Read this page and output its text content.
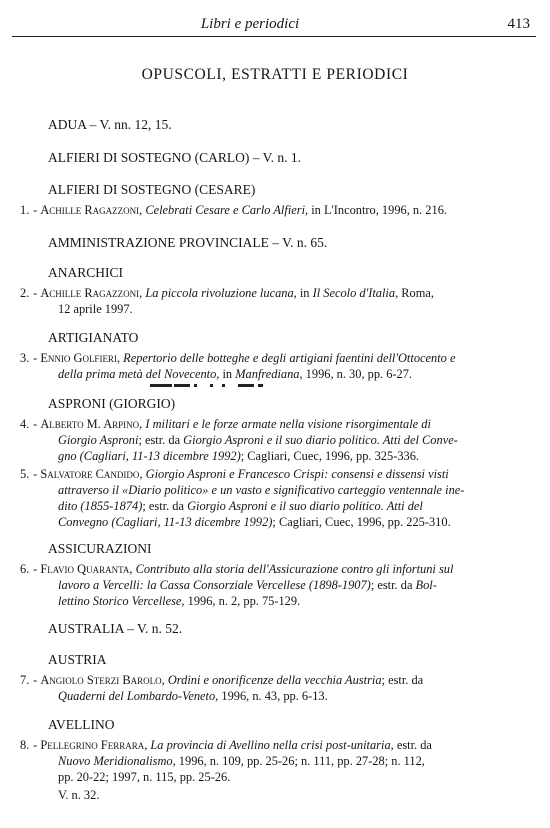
Libri e periodici	413
OPUSCOLI, ESTRATTI E PERIODICI
ADUA – V. nn. 12, 15.
ALFIERI DI SOSTEGNO (CARLO) – V. n. 1.
ALFIERI DI SOSTEGNO (CESARE)
1. - Achille Ragazzoni, Celebrati Cesare e Carlo Alfieri, in L'Incontro, 1996, n. 216.
AMMINISTRAZIONE PROVINCIALE – V. n. 65.
ANARCHICI
2. - Achille Ragazzoni, La piccola rivoluzione lucana, in Il Secolo d'Italia, Roma,
12 aprile 1997.
ARTIGIANATO
3. - Ennio Golfieri, Repertorio delle botteghe e degli artigiani faentini dell'Ottocento e
della prima metà del Novecento, in Manfrediana, 1996, n. 30, pp. 6-27.
ASPRONI (GIORGIO)
4. - Alberto M. Arpino, I militari e le forze armate nella visione risorgimentale di
Giorgio Asproni; estr. da Giorgio Asproni e il suo diario politico. Atti del Conve-
gno (Cagliari, 11-13 dicembre 1992); Cagliari, Cuec, 1996, pp. 325-336.
5. - Salvatore Candido, Giorgio Asproni e Francesco Crispi: consensi e dissensi visti
attraverso il «Diario politico» e un vasto e significativo carteggio ventennale ine-
dito (1855-1874); estr. da Giorgio Asproni e il suo diario politico. Atti del
Convegno (Cagliari, 11-13 dicembre 1992); Cagliari, Cuec, 1996, pp. 225-310.
ASSICURAZIONI
6. - Flavio Quaranta, Contributo alla storia dell'Assicurazione contro gli infortuni sul
lavoro a Vercelli: la Cassa Consorziale Vercellese (1898-1907); estr. da Bol-
lettino Storico Vercellese, 1996, n. 2, pp. 75-129.
AUSTRALIA – V. n. 52.
AUSTRIA
7. - Angiolo Sterzi Barolo, Ordini e onorificenze della vecchia Austria; estr. da
Quaderni del Lombardo-Veneto, 1996, n. 43, pp. 6-13.
AVELLINO
8. - Pellegrino Ferrara, La provincia di Avellino nella crisi post-unitaria, estr. da
Nuovo Meridionalismo, 1996, n. 109, pp. 25-26; n. 111, pp. 27-28; n. 112,
pp. 20-22; 1997, n. 115, pp. 25-26.
V. n. 32.
